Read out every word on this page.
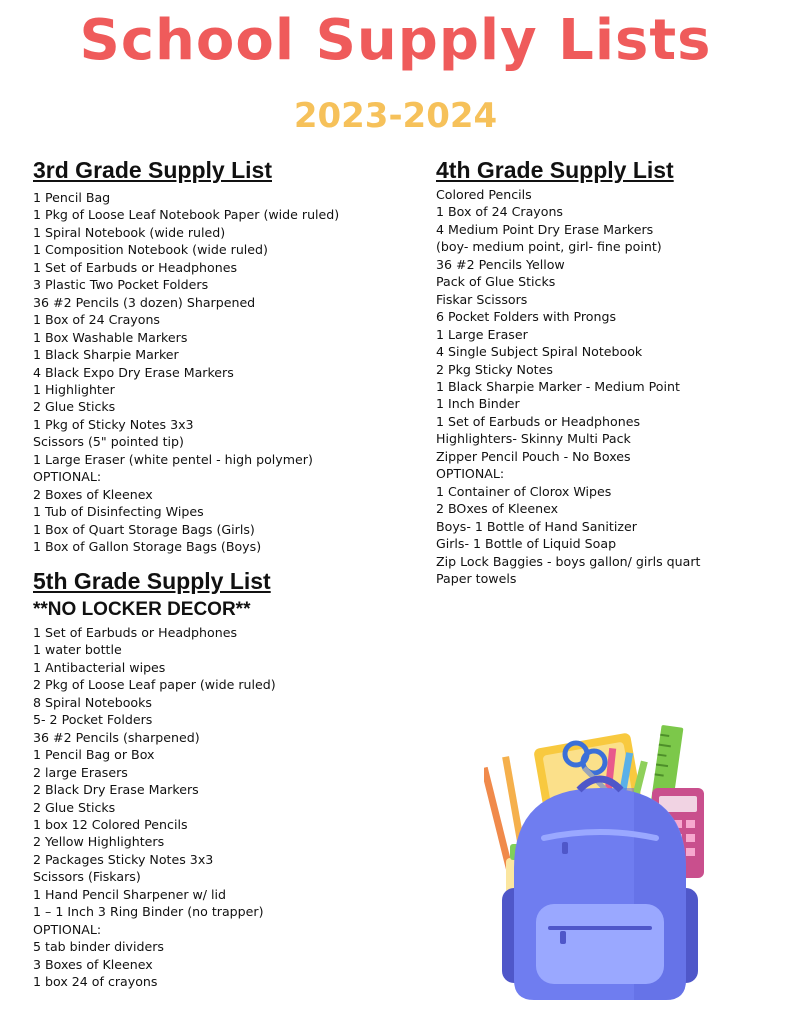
School Supply Lists
2023-2024
3rd Grade Supply List
1 Pencil Bag
1 Pkg of Loose Leaf Notebook Paper (wide ruled)
1 Spiral Notebook (wide ruled)
1 Composition Notebook (wide ruled)
1 Set of Earbuds or Headphones
3 Plastic Two Pocket Folders
36 #2 Pencils (3 dozen) Sharpened
1 Box of 24 Crayons
1 Box Washable Markers
1 Black Sharpie Marker
4 Black Expo Dry Erase Markers
1 Highlighter
2 Glue Sticks
1 Pkg of Sticky Notes 3x3
Scissors (5" pointed tip)
1 Large Eraser (white pentel - high polymer)
OPTIONAL:
2 Boxes of Kleenex
1 Tub of Disinfecting Wipes
1 Box of Quart Storage Bags (Girls)
1 Box of Gallon Storage Bags (Boys)
4th Grade Supply List
Colored Pencils
1 Box of 24 Crayons
4 Medium Point Dry Erase Markers
(boy- medium point, girl- fine point)
36 #2 Pencils Yellow
Pack of Glue Sticks
Fiskar Scissors
6 Pocket Folders with Prongs
1 Large Eraser
4 Single Subject Spiral Notebook
2 Pkg Sticky Notes
1 Black Sharpie Marker - Medium Point
1 Inch Binder
1 Set of Earbuds or Headphones
Highlighters- Skinny Multi Pack
Zipper Pencil Pouch - No Boxes
OPTIONAL:
1 Container of Clorox Wipes
2 BOxes of Kleenex
Boys- 1 Bottle of Hand Sanitizer
Girls- 1 Bottle of Liquid Soap
Zip Lock Baggies - boys gallon/ girls quart
Paper towels
5th Grade Supply List
**NO LOCKER DECOR**
1 Set of Earbuds or Headphones
1 water bottle
1 Antibacterial wipes
2 Pkg of Loose Leaf paper (wide ruled)
8 Spiral Notebooks
5- 2 Pocket Folders
36 #2 Pencils (sharpened)
1 Pencil Bag or Box
2 large Erasers
2 Black Dry Erase Markers
2 Glue Sticks
1 box 12 Colored Pencils
2 Yellow Highlighters
2 Packages Sticky Notes 3x3
Scissors (Fiskars)
1 Hand Pencil Sharpener w/ lid
1 – 1 Inch 3 Ring Binder (no trapper)
OPTIONAL:
5 tab binder dividers
3 Boxes of Kleenex
1 box 24 of crayons
